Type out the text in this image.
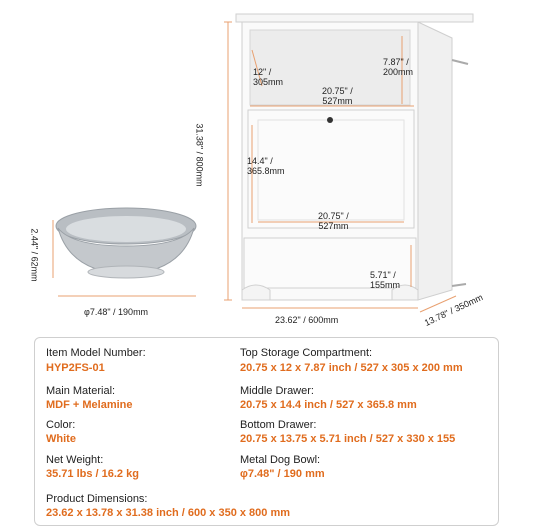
12" /
305mm
7.87" /
200mm
20.75" /
527mm
31.38" / 800mm	14.4" /
365.8mm
20.75" /
527mm
5.71" /
155mm
23.62" / 600mm	13.78" / 350mm
2.44" / 62mm
φ7.48" / 190mm
Item Model Number:
HYP2FS-01
Top Storage Compartment:
20.75 x 12 x 7.87 inch / 527 x 305 x 200 mm
Main Material:
MDF + Melamine
Middle Drawer:
20.75 x 14.4 inch / 527 x 365.8 mm
Color:
White
Bottom Drawer:
20.75 x 13.75 x 5.71 inch / 527 x 330 x 155
Net Weight:
35.71 lbs / 16.2 kg
Metal Dog Bowl:
φ7.48" / 190 mm
Product Dimensions:
23.62 x 13.78 x 31.38 inch / 600 x 350 x 800 mm
